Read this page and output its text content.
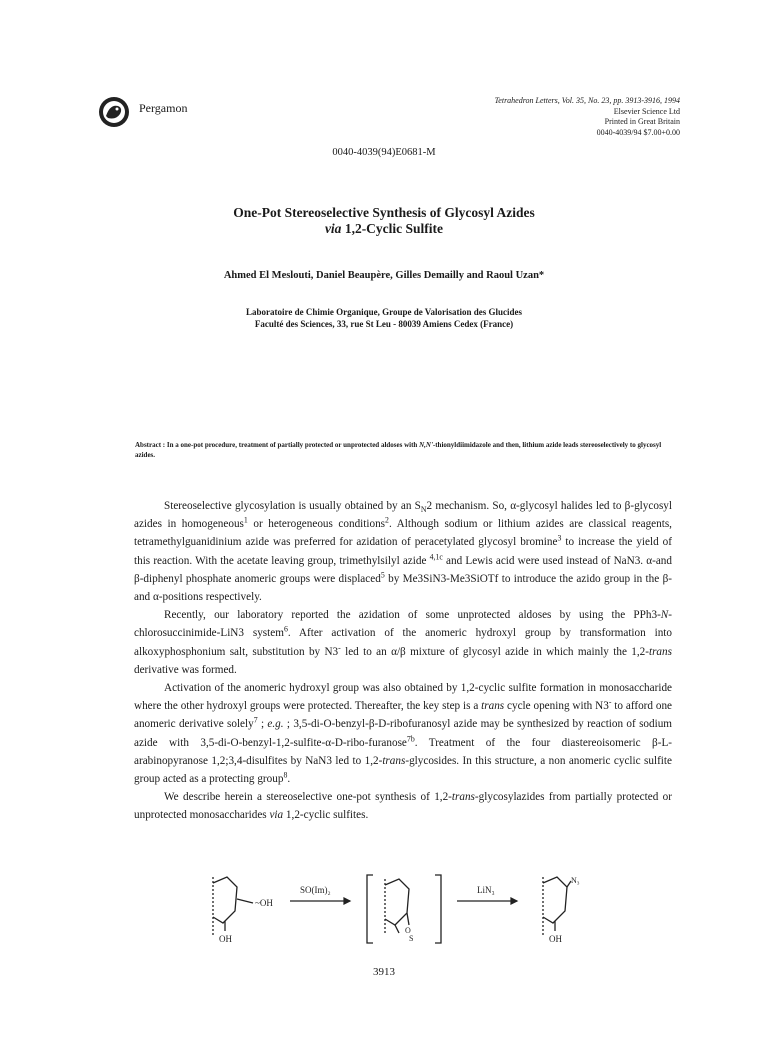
Pergamon
Tetrahedron Letters, Vol. 35, No. 23, pp. 3913-3916, 1994
Elsevier Science Ltd
Printed in Great Britain
0040-4039/94 $7.00+0.00
0040-4039(94)E0681-M
One-Pot Stereoselective Synthesis of Glycosyl Azides
via 1,2-Cyclic Sulfite
Ahmed El Meslouti, Daniel Beaupère, Gilles Demailly and Raoul Uzan*
Laboratoire de Chimie Organique, Groupe de Valorisation des Glucides
Faculté des Sciences, 33, rue St Leu - 80039 Amiens Cedex (France)
Abstract : In a one-pot procedure, treatment of partially protected or unprotected aldoses with N,N'-thionyldiimidazole and then, lithium azide leads stereoselectively to glycosyl azides.

Stereoselective glycosylation is usually obtained by an $S_N2$ mechanism. So, α-glycosyl halides led to β-glycosyl azides in homogeneous$^1$ or heterogeneous conditions$^2$. Although sodium or lithium azides are classical reagents, tetramethylguanidinium azide was preferred for azidation of peracetylated glycosyl bromine$^3$ to increase the yield of this reaction. With the acetate leaving group, trimethylsilyl azide $^{4,1c}$ and Lewis acid were used instead of NaN3. α-and β-diphenyl phosphate anomeric groups were displaced$^5$ by Me3SiN3-Me3SiOTf to introduce the azido group in the β-and α-positions respectively.

Recently, our laboratory reported the azidation of some unprotected aldoses by using the PPh3-N-chlorosuccinimide-LiN3 system$^6$. After activation of the anomeric hydroxyl group by transformation into alkoxyphosphonium salt, substitution by N3- led to an α/β mixture of glycosyl azide in which mainly the 1,2-trans derivative was formed.

Activation of the anomeric hydroxyl group was also obtained by 1,2-cyclic sulfite formation in monosaccharide where the other hydroxyl groups were protected. Thereafter, the key step is a trans cycle opening with N3- to afford one anomeric derivative solely$^7$ ; e.g. ; 3,5-di-O-benzyl-β-D-ribofuranosyl azide may be synthesized by reaction of sodium azide with 3,5-di-O-benzyl-1,2-sulfite-α-D-ribo-furanose$^{7b}$. Treatment of the four diastereoisomeric β-L-arabinopyranose 1,2;3,4-disulfites by NaN3 led to 1,2-trans-glycosides. In this structure, a non anomeric cyclic sulfite group acted as a protecting group$^8$.

We describe herein a stereoselective one-pot synthesis of 1,2-trans-glycosylazides from partially protected or unprotected monosaccharides via 1,2-cyclic sulfites.

~OH
OH
SO(Im)₂
O
S
LiN₃
N₃
OH
3913
